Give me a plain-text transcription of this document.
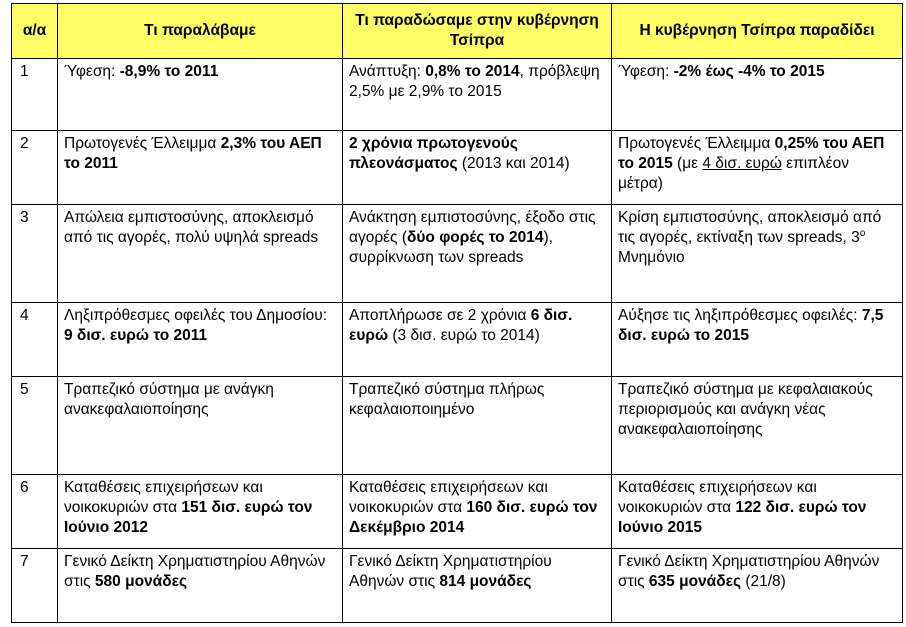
α/α	Τι παραλάβαμε	Τι παραδώσαμε στην κυβέρνηση Τσίπρα	Η κυβέρνηση Τσίπρα παραδίδει
1	Ύφεση: -8,9% το 2011	Ανάπτυξη: 0,8% το 2014, πρόβλεψη 2,5% με 2,9% το 2015	Ύφεση: -2% έως -4% το 2015
2	Πρωτογενές Έλλειμμα 2,3% του ΑΕΠ το 2011	2 χρόνια πρωτογενούς πλεονάσματος (2013 και 2014)	Πρωτογενές Έλλειμμα 0,25% του ΑΕΠ το 2015 (με 4 δισ. ευρώ επιπλέον μέτρα)
3	Απώλεια εμπιστοσύνης, αποκλεισμό από τις αγορές, πολύ υψηλά spreads	Ανάκτηση εμπιστοσύνης, έξοδο στις αγορές (δύο φορές το 2014), συρρίκνωση των spreads	Κρίση εμπιστοσύνης, αποκλεισμό από τις αγορές, εκτίναξη των spreads, $3^o$ Μνημόνιο
4	Ληξιπρόθεσμες οφειλές του Δημοσίου: 9 δισ. ευρώ το 2011	Αποπλήρωσε σε 2 χρόνια 6 δισ. ευρώ (3 δισ. ευρώ το 2014)	Αύξησε τις ληξιπρόθεσμες οφειλές: 7,5 δισ. ευρώ το 2015
5	Τραπεζικό σύστημα με ανάγκη ανακεφαλαιοποίησης	Τραπεζικό σύστημα πλήρως κεφαλαιοποιημένο	Τραπεζικό σύστημα με κεφαλαιακούς περιορισμούς και ανάγκη νέας ανακεφαλαιοποίησης
6	Καταθέσεις επιχειρήσεων και νοικοκυριών στα 151 δισ. ευρώ τον Ιούνιο 2012	Καταθέσεις επιχειρήσεων και νοικοκυριών στα 160 δισ. ευρώ τον Δεκέμβριο 2014	Καταθέσεις επιχειρήσεων και νοικοκυριών στα 122 δισ. ευρώ τον Ιούνιο 2015
7	Γενικό Δείκτη Χρηματιστηρίου Αθηνών στις 580 μονάδες	Γενικό Δείκτη Χρηματιστηρίου Αθηνών στις 814 μονάδες	Γενικό Δείκτη Χρηματιστηρίου Αθηνών στις 635 μονάδες (21/8)
